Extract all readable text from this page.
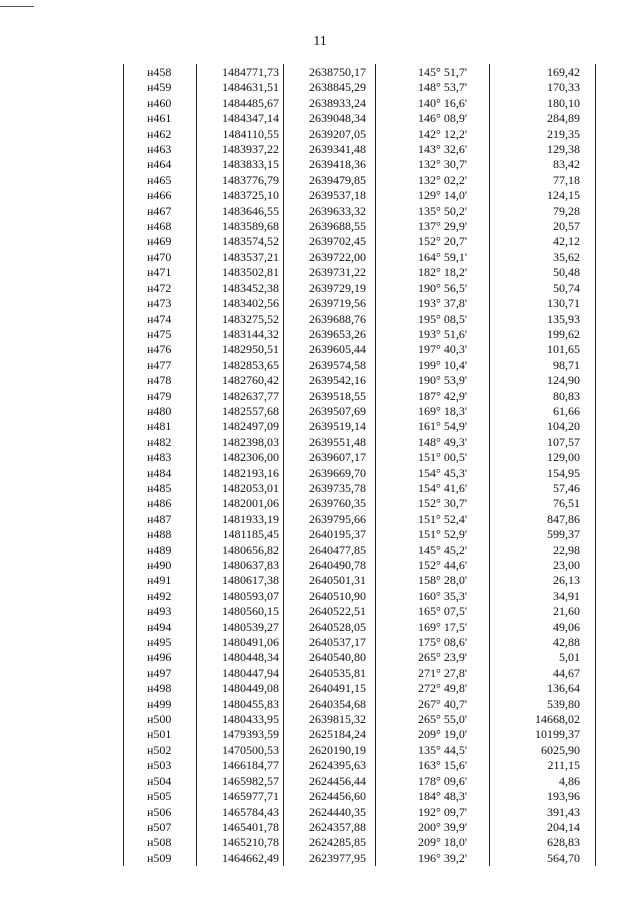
11
н458	1484771,73	2638750,17	145° 51,7'	169,42
н459	1484631,51	2638845,29	148° 53,7'	170,33
н460	1484485,67	2638933,24	140° 16,6'	180,10
н461	1484347,14	2639048,34	146° 08,9'	284,89
н462	1484110,55	2639207,05	142° 12,2'	219,35
н463	1483937,22	2639341,48	143° 32,6'	129,38
н464	1483833,15	2639418,36	132° 30,7'	83,42
н465	1483776,79	2639479,85	132° 02,2'	77,18
н466	1483725,10	2639537,18	129° 14,0'	124,15
н467	1483646,55	2639633,32	135° 50,2'	79,28
н468	1483589,68	2639688,55	137° 29,9'	20,57
н469	1483574,52	2639702,45	152° 20,7'	42,12
н470	1483537,21	2639722,00	164° 59,1'	35,62
н471	1483502,81	2639731,22	182° 18,2'	50,48
н472	1483452,38	2639729,19	190° 56,5'	50,74
н473	1483402,56	2639719,56	193° 37,8'	130,71
н474	1483275,52	2639688,76	195° 08,5'	135,93
н475	1483144,32	2639653,26	193° 51,6'	199,62
н476	1482950,51	2639605,44	197° 40,3'	101,65
н477	1482853,65	2639574,58	199° 10,4'	98,71
н478	1482760,42	2639542,16	190° 53,9'	124,90
н479	1482637,77	2639518,55	187° 42,9'	80,83
н480	1482557,68	2639507,69	169° 18,3'	61,66
н481	1482497,09	2639519,14	161° 54,9'	104,20
н482	1482398,03	2639551,48	148° 49,3'	107,57
н483	1482306,00	2639607,17	151° 00,5'	129,00
н484	1482193,16	2639669,70	154° 45,3'	154,95
н485	1482053,01	2639735,78	154° 41,6'	57,46
н486	1482001,06	2639760,35	152° 30,7'	76,51
н487	1481933,19	2639795,66	151° 52,4'	847,86
н488	1481185,45	2640195,37	151° 52,9'	599,37
н489	1480656,82	2640477,85	145° 45,2'	22,98
н490	1480637,83	2640490,78	152° 44,6'	23,00
н491	1480617,38	2640501,31	158° 28,0'	26,13
н492	1480593,07	2640510,90	160° 35,3'	34,91
н493	1480560,15	2640522,51	165° 07,5'	21,60
н494	1480539,27	2640528,05	169° 17,5'	49,06
н495	1480491,06	2640537,17	175° 08,6'	42,88
н496	1480448,34	2640540,80	265° 23,9'	5,01
н497	1480447,94	2640535,81	271° 27,8'	44,67
н498	1480449,08	2640491,15	272° 49,8'	136,64
н499	1480455,83	2640354,68	267° 40,7'	539,80
н500	1480433,95	2639815,32	265° 55,0'	14668,02
н501	1479393,59	2625184,24	209° 19,0'	10199,37
н502	1470500,53	2620190,19	135° 44,5'	6025,90
н503	1466184,77	2624395,63	163° 15,6'	211,15
н504	1465982,57	2624456,44	178° 09,6'	4,86
н505	1465977,71	2624456,60	184° 48,3'	193,96
н506	1465784,43	2624440,35	192° 09,7'	391,43
н507	1465401,78	2624357,88	200° 39,9'	204,14
н508	1465210,78	2624285,85	209° 18,0'	628,83
н509	1464662,49	2623977,95	196° 39,2'	564,70
